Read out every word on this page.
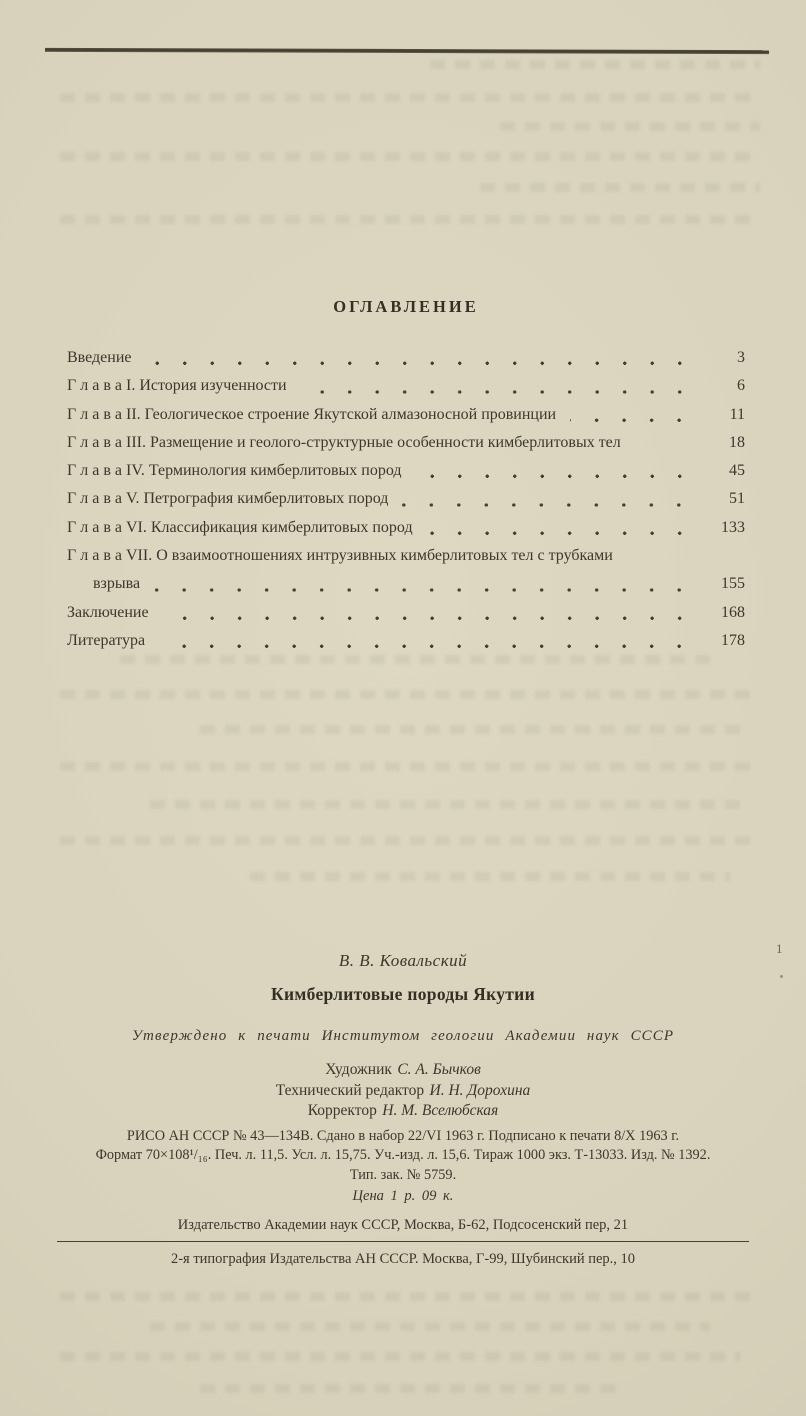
ОГЛАВЛЕНИЕ
Введение	3
Г л а в а I. История изученности	6
Г л а в а II. Геологическое строение Якутской алмазоносной провинции	11
Г л а в а III. Размещение и геолого-структурные особенности кимберлитовых тел	18
Г л а в а IV. Терминология кимберлитовых пород	45
Г л а в а V. Петрография кимберлитовых пород	51
Г л а в а VI. Классификация кимберлитовых пород	133
Г л а в а VII. О взаимоотношениях интрузивных кимберлитовых тел с трубками
взрыва	155
Заключение	168
Литература	178
1
В. В. Ковальский
Кимберлитовые породы Якутии
Утверждено к печати Институтом геологии Академии наук СССР
Художник С. А. Бычков
Технический редактор И. Н. Дорохина
Корректор Н. М. Вселюбская
РИСО АН СССР № 43—134В. Сдано в набор 22/VI 1963 г. Подписано к печати 8/X 1963 г.
Формат 70×108¹/₁₆. Печ. л. 11,5. Усл. л. 15,75. Уч.-изд. л. 15,6. Тираж 1000 экз. Т-13033. Изд. № 1392.
Тип. зак. № 5759.
Цена 1 р. 09 к.
Издательство Академии наук СССР, Москва, Б-62, Подсосенский пер, 21
2-я типография Издательства АН СССР. Москва, Г-99, Шубинский пер., 10
